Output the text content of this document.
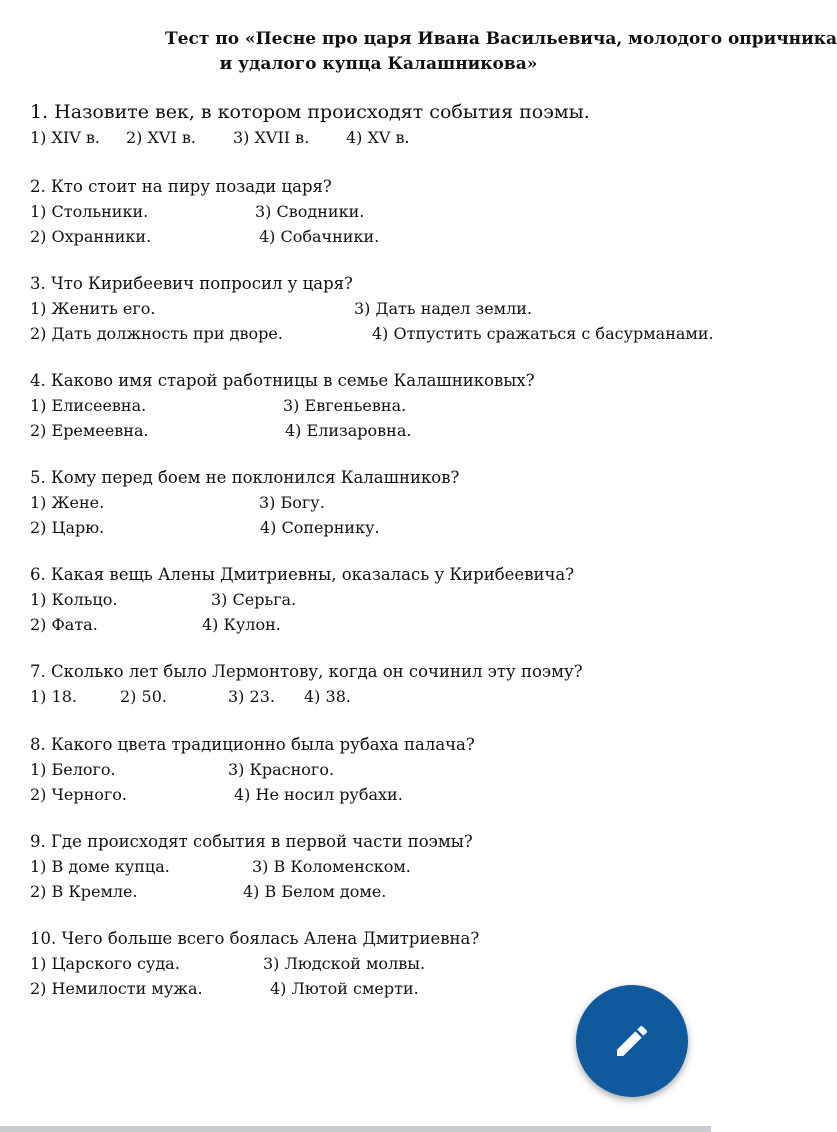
Тест по «Песне про царя Ивана Васильевича, молодого опричника
и удалого купца Калашникова»
1. Назовите век, в котором происходят события поэмы.
1) XIV в. 2) XVI в. 3) XVII в. 4) XV в.
2. Кто стоит на пиру позади царя?
1) Стольники.	3) Сводники.
2) Охранники.	4) Собачники.
3. Что Кирибеевич попросил у царя?
1) Женить его.	3) Дать надел земли.
2) Дать должность при дворе.	4) Отпустить сражаться с басурманами.
4. Каково имя старой работницы в семье Калашниковых?
1) Елисеевна.	3) Евгеньевна.
2) Еремеевна.	4) Елизаровна.
5. Кому перед боем не поклонился Калашников?
1) Жене.	3) Богу.
2) Царю.	4) Сопернику.
6. Какая вещь Алены Дмитриевны, оказалась у Кирибеевича?
1) Кольцо.	3) Серьга.
2) Фата.	4) Кулон.
7. Сколько лет было Лермонтову, когда он сочинил эту поэму?
1) 18.	2) 50.	3) 23. 4) 38.
8. Какого цвета традиционно была рубаха палача?
1) Белого.	3) Красного.
2) Черного.	4) Не носил рубахи.
9. Где происходят события в первой части поэмы?
1) В доме купца.	3) В Коломенском.
2) В Кремле.	4) В Белом доме.
10. Чего больше всего боялась Алена Дмитриевна?
1) Царского суда.	3) Людской молвы.
2) Немилости мужа.	4) Лютой смерти.
